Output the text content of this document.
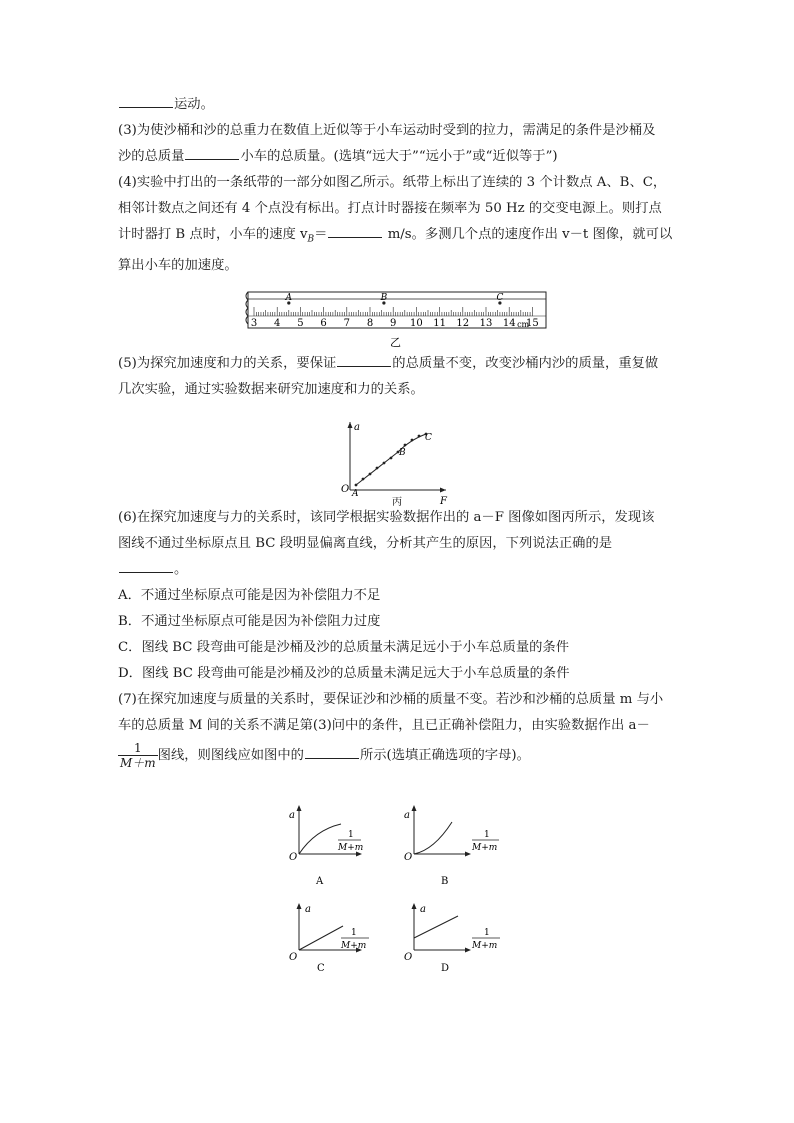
运动。
(3)为使沙桶和沙的总重力在数值上近似等于小车运动时受到的拉力，需满足的条件是沙桶及
沙的总质量	小车的总质量。(选填“远大于”“远小于”或“近似等于”)
(4)实验中打出的一条纸带的一部分如图乙所示。纸带上标出了连续的 3 个计数点 A、B、C，
相邻计数点之间还有 4 个点没有标出。打点计时器接在频率为 50 Hz 的交变电源上。则打点
计时器打 B 点时，小车的速度 $v_B=$	m/s。多测几个点的速度作出 v－t 图像，就可以
算出小车的加速度。
(5)为探究加速度和力的关系，要保证	的总质量不变，改变沙桶内沙的质量，重复做
几次实验，通过实验数据来研究加速度和力的关系。
(6)在探究加速度与力的关系时，该同学根据实验数据作出的 a－F 图像如图丙所示，发现该
图线不通过坐标原点且 BC 段明显偏离直线，分析其产生的原因，下列说法正确的是
。
A．不通过坐标原点可能是因为补偿阻力不足
B．不通过坐标原点可能是因为补偿阻力过度
C．图线 BC 段弯曲可能是沙桶及沙的总质量未满足远小于小车总质量的条件
D．图线 BC 段弯曲可能是沙桶及沙的总质量未满足远大于小车总质量的条件
(7)在探究加速度与质量的关系时，要保证沙和沙桶的质量不变。若沙和沙桶的总质量 m 与小
车的总质量 M 间的关系不满足第(3)问中的条件，且已正确补偿阻力，由实验数据作出 a－
$\frac{1}{M+m}$ 图线，则图线应如图中的	所示(选填正确选项的字母)。
3 4 5 6 7 8 9 10 11 12 13 14 15
cm
A	B	C
乙
a
F
O A
B
C
丙
a
O
1
M+m
A
a
O
1
M+m
B
a
O
1
M+m
C
a
O
1
M+m
D
